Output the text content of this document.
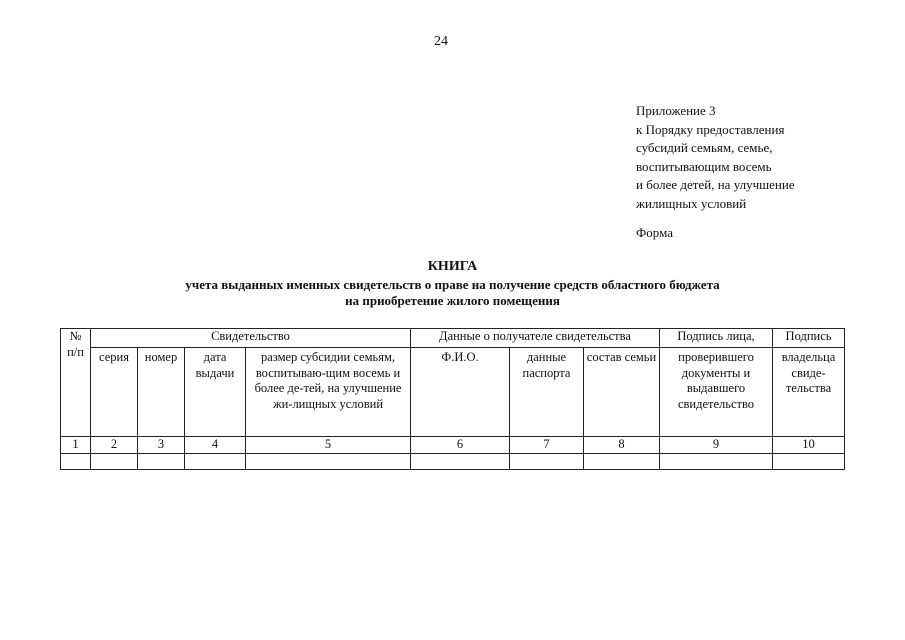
24
Приложение 3
к Порядку предоставления
субсидий семьям, семье,
воспитывающим восемь
и более детей, на улучшение
жилищных условий
Форма
КНИГА
учета выданных именных свидетельств о праве на получение средств областного бюджета
на приобретение жилого помещения
№
п/п	Свидетельство				Данные о получателе свидетельства			Подпись лица,	Подпись
	серия	номер	дата выдачи	размер субсидии семьям, воспитываю-щим восемь и более де-тей, на улучшение жи-лищных условий	Ф.И.О.	данные паспорта	состав семьи	проверившего документы и выдавшего свидетельство	владельца свиде-тельства
1	2	3	4	5	6	7	8	9	10
